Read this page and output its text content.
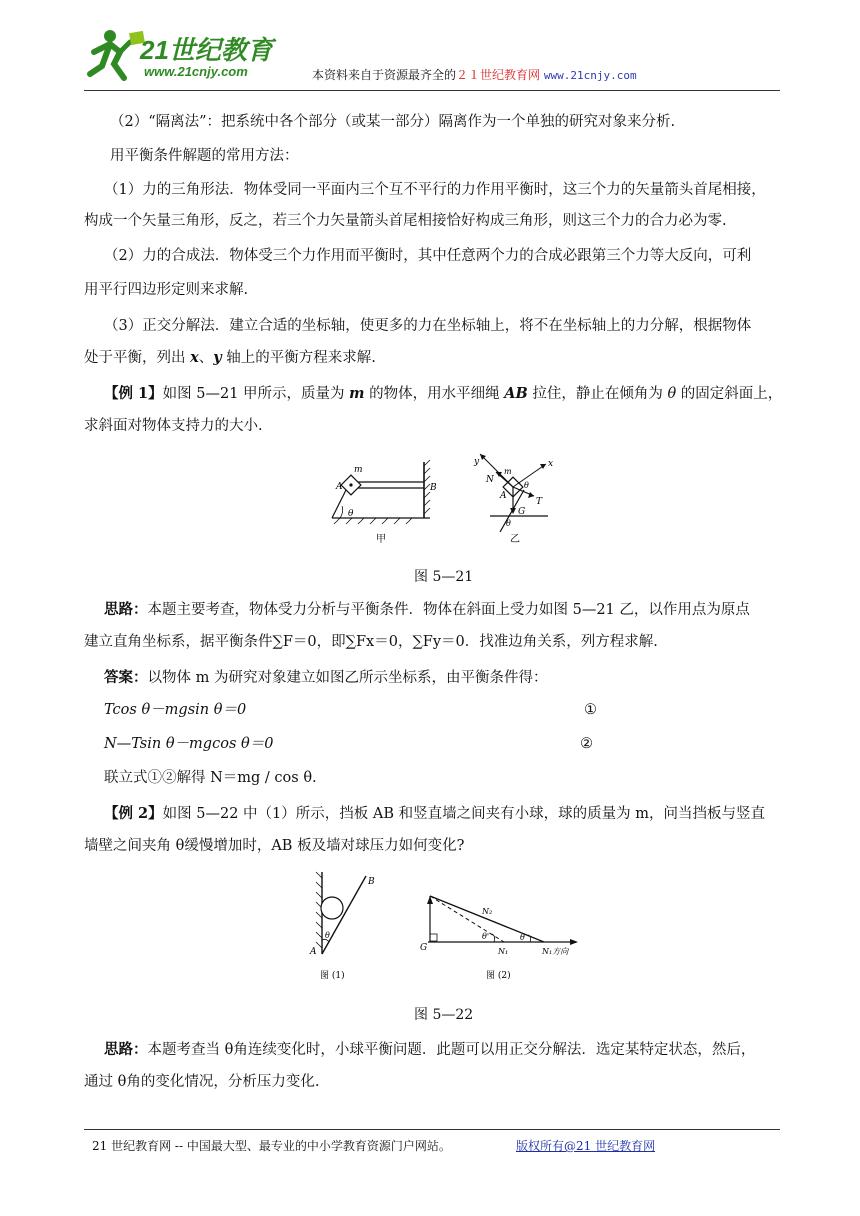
21世纪教育
www.21cnjy.com	本资料来自于资源最齐全的２１世纪教育网 www.21cnjy.com
（2）“隔离法”：把系统中各个部分（或某一部分）隔离作为一个单独的研究对象来分析.
用平衡条件解题的常用方法：
（1）力的三角形法．物体受同一平面内三个互不平行的力作用平衡时，这三个力的矢量箭头首尾相接，
构成一个矢量三角形，反之，若三个力矢量箭头首尾相接恰好构成三角形，则这三个力的合力必为零.
（2）力的合成法．物体受三个力作用而平衡时，其中任意两个力的合成必跟第三个力等大反向，可利
用平行四边形定则来求解.
（3）正交分解法．建立合适的坐标轴，使更多的力在坐标轴上，将不在坐标轴上的力分解，根据物体
处于平衡，列出 x、y 轴上的平衡方程来求解.
【例 1】如图 5—21 甲所示，质量为 m 的物体，用水平细绳 AB 拉住，静止在倾角为 θ 的固定斜面上，
求斜面对物体支持力的大小.
A
m
B
θ
甲
y	x
N
m
θ
T
A
G
θ
乙
图 5—21
思路：本题主要考查，物体受力分析与平衡条件．物体在斜面上受力如图 5—21 乙，以作用点为原点
建立直角坐标系，据平衡条件∑F＝0，即∑Fx＝0，∑Fy＝0．找准边角关系，列方程求解.
答案：以物体 m 为研究对象建立如图乙所示坐标系，由平衡条件得：
Tcos θ－mgsin θ＝0	①
N—Tsin θ－mgcos θ＝0	②
联立式①②解得 N＝mg / cos θ.
【例 2】如图 5—22 中（1）所示，挡板 AB 和竖直墙之间夹有小球，球的质量为 m，问当挡板与竖直
墙壁之间夹角 θ缓慢增加时，AB 板及墙对球压力如何变化?
B
A
θ
图 (1)
N₂
θ'	θ
N₁	N₁方向
G
图 (2)
图 5—22
思路：本题考查当 θ角连续变化时，小球平衡问题．此题可以用正交分解法．选定某特定状态，然后，
通过 θ角的变化情况，分析压力变化.
21 世纪教育网 -- 中国最大型、最专业的中小学教育资源门户网站。	版权所有@21 世纪教育网
